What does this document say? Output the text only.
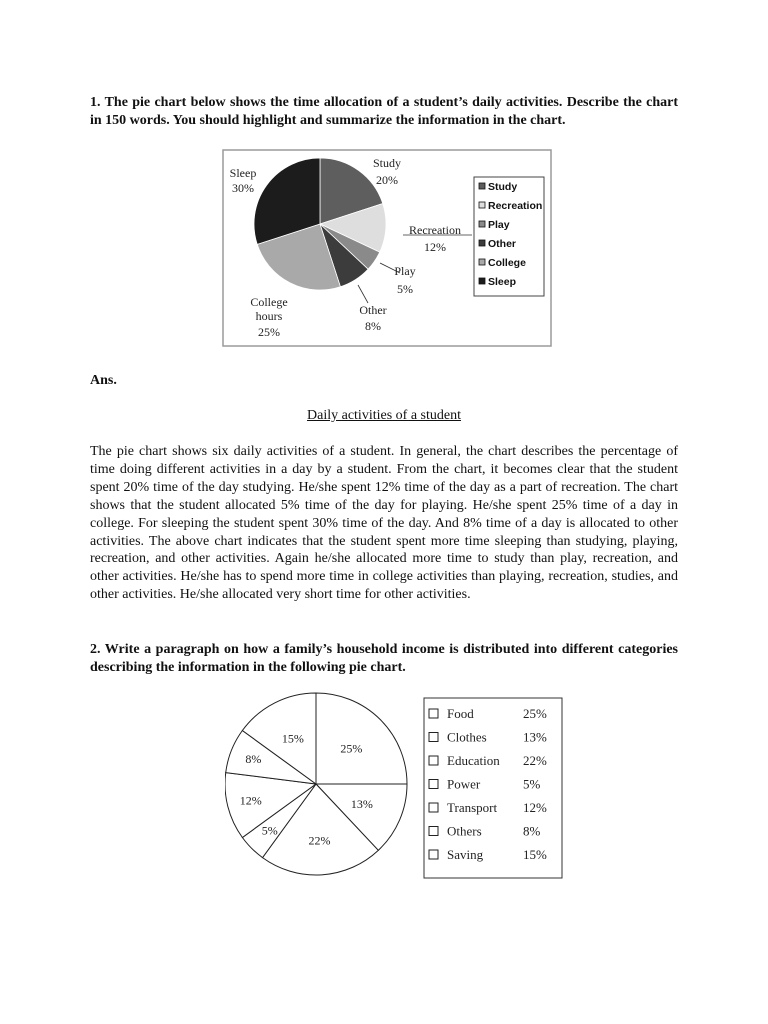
1. The pie chart below shows the time allocation of a student’s daily activities. Describe the chart in 150 words. You should highlight and summarize the information in the chart.

Sleep
30%
Study
20%
Recreation
12%
Play
5%
Other
8%
College
hours
25%
Study
Recreation
Play
Other
College
Sleep

Ans.

Daily activities of a student

The pie chart shows six daily activities of a student. In general, the chart describes the percentage of time doing different activities in a day by a student. From the chart, it becomes clear that the student spent 20% time of the day studying. He/she spent 12% time of the day as a part of recreation. The chart shows that the student allocated 5% time of the day for playing. He/she spent 25% time of a day in college. For sleeping the student spent 30% time of the day. And 8% time of a day is allocated to other activities. The above chart indicates that the student spent more time sleeping than studying, playing, recreation, and other activities. Again he/she allocated more time to study than play, recreation, and other activities. He/she has to spend more time in college activities than playing, recreation, studies, and other activities. He/she allocated very short time for other activities.

2. Write a paragraph on how a family’s household income is distributed into different categories describing the information in the following pie chart.

25%
13%
22%
5%
12%
8%
15%
Food	25%
Clothes	13%
Education 22%
Power	5%
Transport 12%
Others	8%
Saving	15%
